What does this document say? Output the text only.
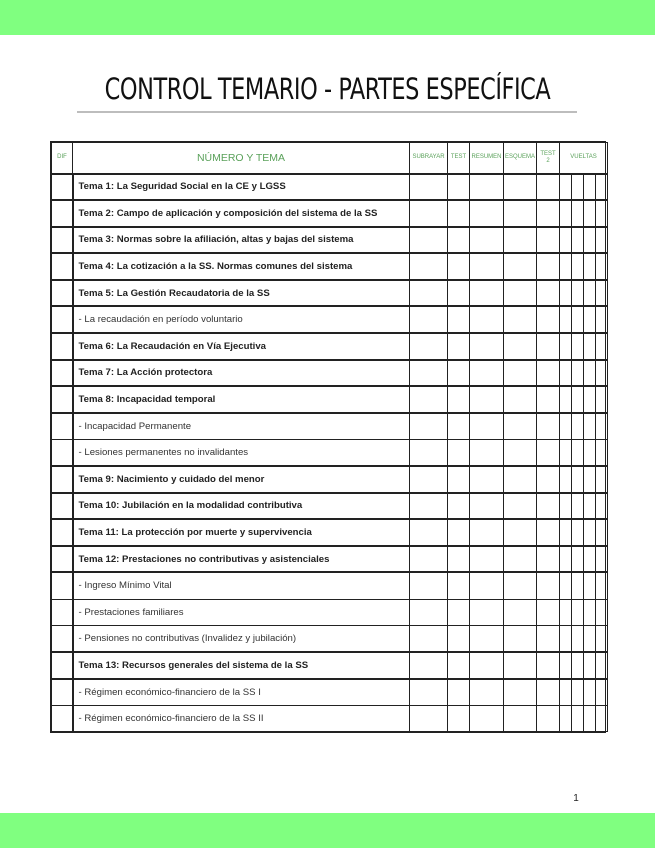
CONTROL TEMARIO - PARTES ESPECÍFICA
DIF	NÚMERO Y TEMA	SUBRAYAR	TEST	RESUMEN	ESQUEMA	TEST 2	VUELTAS			
	Tema 1: La Seguridad Social en la CE y LGSS									
	Tema 2: Campo de aplicación y composición del sistema de la SS									
	Tema 3: Normas sobre la afiliación, altas y bajas del sistema									
	Tema 4: La cotización a la SS. Normas comunes del sistema									
	Tema 5: La Gestión Recaudatoria de la SS									
	- La recaudación en período voluntario									
	Tema 6: La Recaudación en Vía Ejecutiva									
	Tema 7: La Acción protectora									
	Tema 8: Incapacidad temporal									
	- Incapacidad Permanente									
	- Lesiones permanentes no invalidantes									
	Tema 9: Nacimiento y cuidado del menor									
	Tema 10: Jubilación en la modalidad contributiva									
	Tema 11: La protección por muerte y supervivencia									
	Tema 12: Prestaciones no contributivas y asistenciales									
	- Ingreso Mínimo Vital									
	- Prestaciones familiares									
	- Pensiones no contributivas (Invalidez y jubilación)									
	Tema 13: Recursos generales del sistema de la SS									
	- Régimen económico-financiero de la SS I									
	- Régimen económico-financiero de la SS II									
1
